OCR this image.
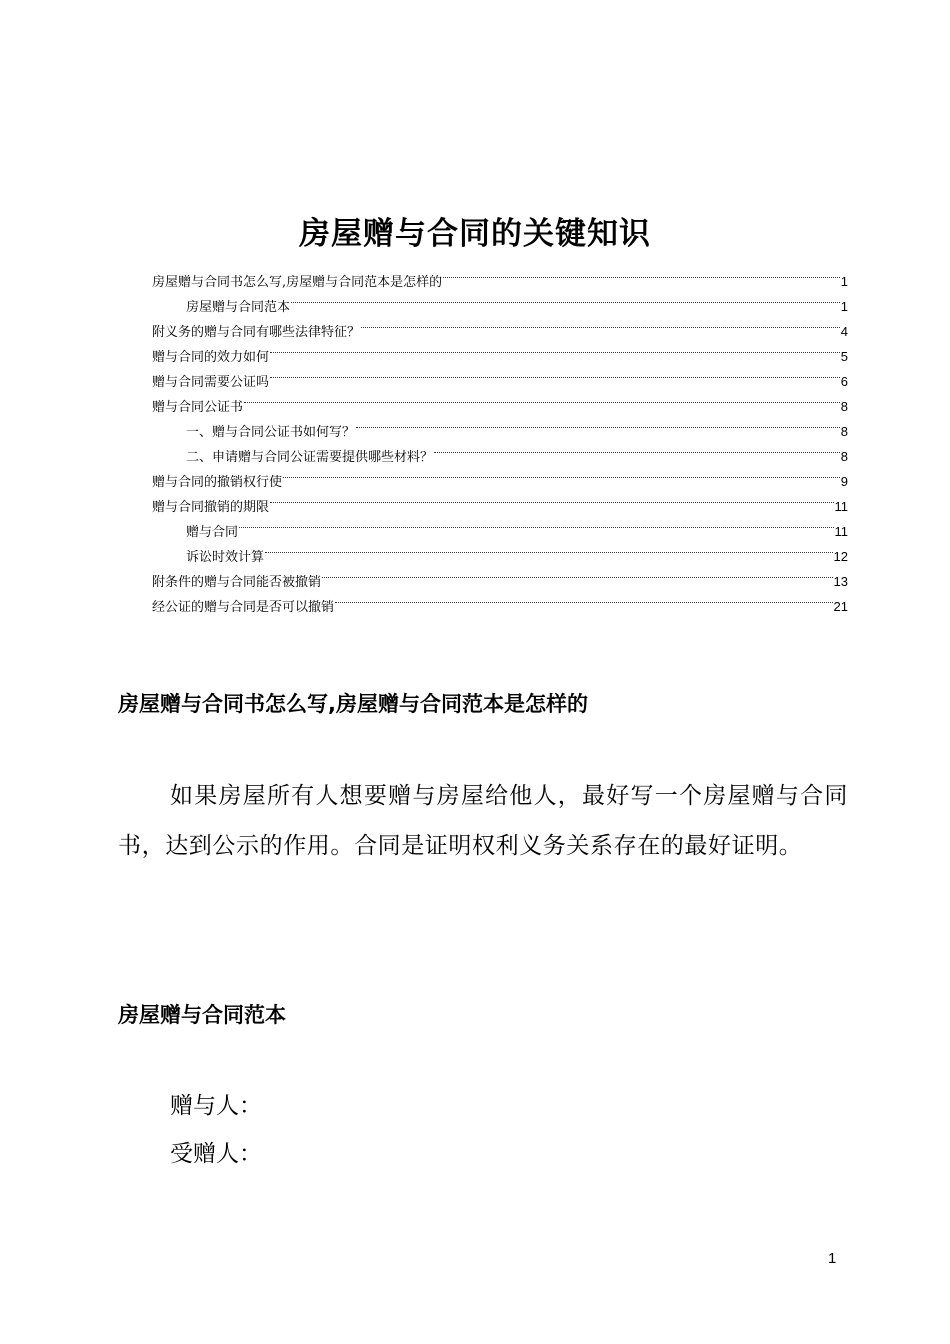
房屋赠与合同的关键知识
房屋赠与合同书怎么写,房屋赠与合同范本是怎样的	1
房屋赠与合同范本	1
附义务的赠与合同有哪些法律特征？	4
赠与合同的效力如何	5
赠与合同需要公证吗	6
赠与合同公证书	8
一、赠与合同公证书如何写？	8
二、申请赠与合同公证需要提供哪些材料？	8
赠与合同的撤销权行使	9
赠与合同撤销的期限	11
赠与合同	11
诉讼时效计算	12
附条件的赠与合同能否被撤销	13
经公证的赠与合同是否可以撤销	21
房屋赠与合同书怎么写,房屋赠与合同范本是怎样的
如果房屋所有人想要赠与房屋给他人，最好写一个房屋赠与合同书，达到公示的作用。合同是证明权利义务关系存在的最好证明。
房屋赠与合同范本
赠与人：
受赠人：
1
